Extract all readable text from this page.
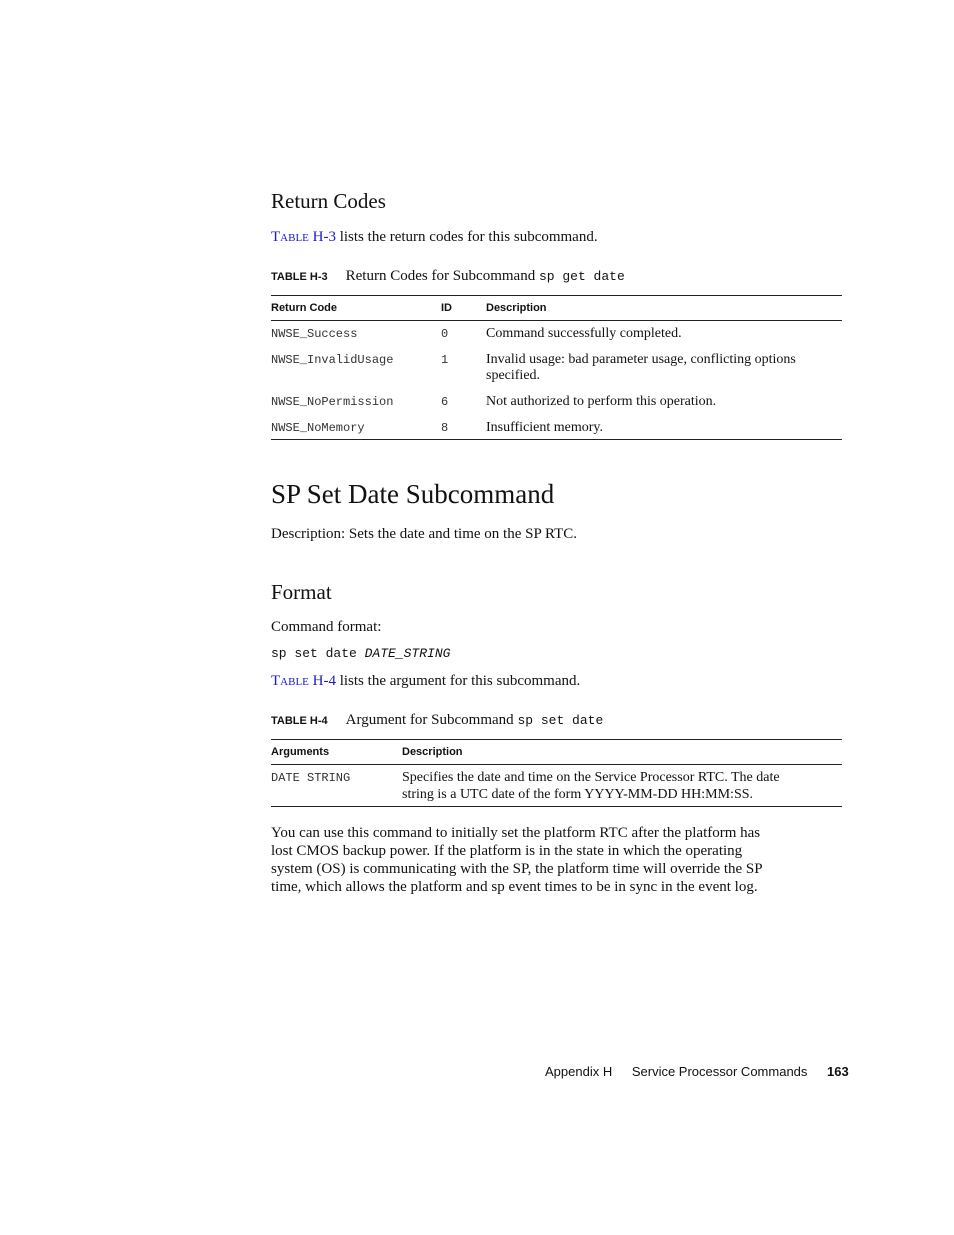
Return Codes
Table H-3 lists the return codes for this subcommand.
TABLE H-3 Return Codes for Subcommand sp get date
Return Code	ID	Description
NWSE_Success	0	Command successfully completed.
NWSE_InvalidUsage	1	Invalid usage: bad parameter usage, conflicting options
specified.
NWSE_NoPermission	6	Not authorized to perform this operation.
NWSE_NoMemory	8	Insufficient memory.
SP Set Date Subcommand
Description: Sets the date and time on the SP RTC.
Format
Command format:
sp set date DATE_STRING
Table H-4 lists the argument for this subcommand.
TABLE H-4 Argument for Subcommand sp set date
Arguments	Description
DATE STRING	Specifies the date and time on the Service Processor RTC. The date
string is a UTC date of the form YYYY-MM-DD HH:MM:SS.
You can use this command to initially set the platform RTC after the platform has
lost CMOS backup power. If the platform is in the state in which the operating
system (OS) is communicating with the SP, the platform time will override the SP
time, which allows the platform and sp event times to be in sync in the event log.
Appendix H Service Processor Commands 163
